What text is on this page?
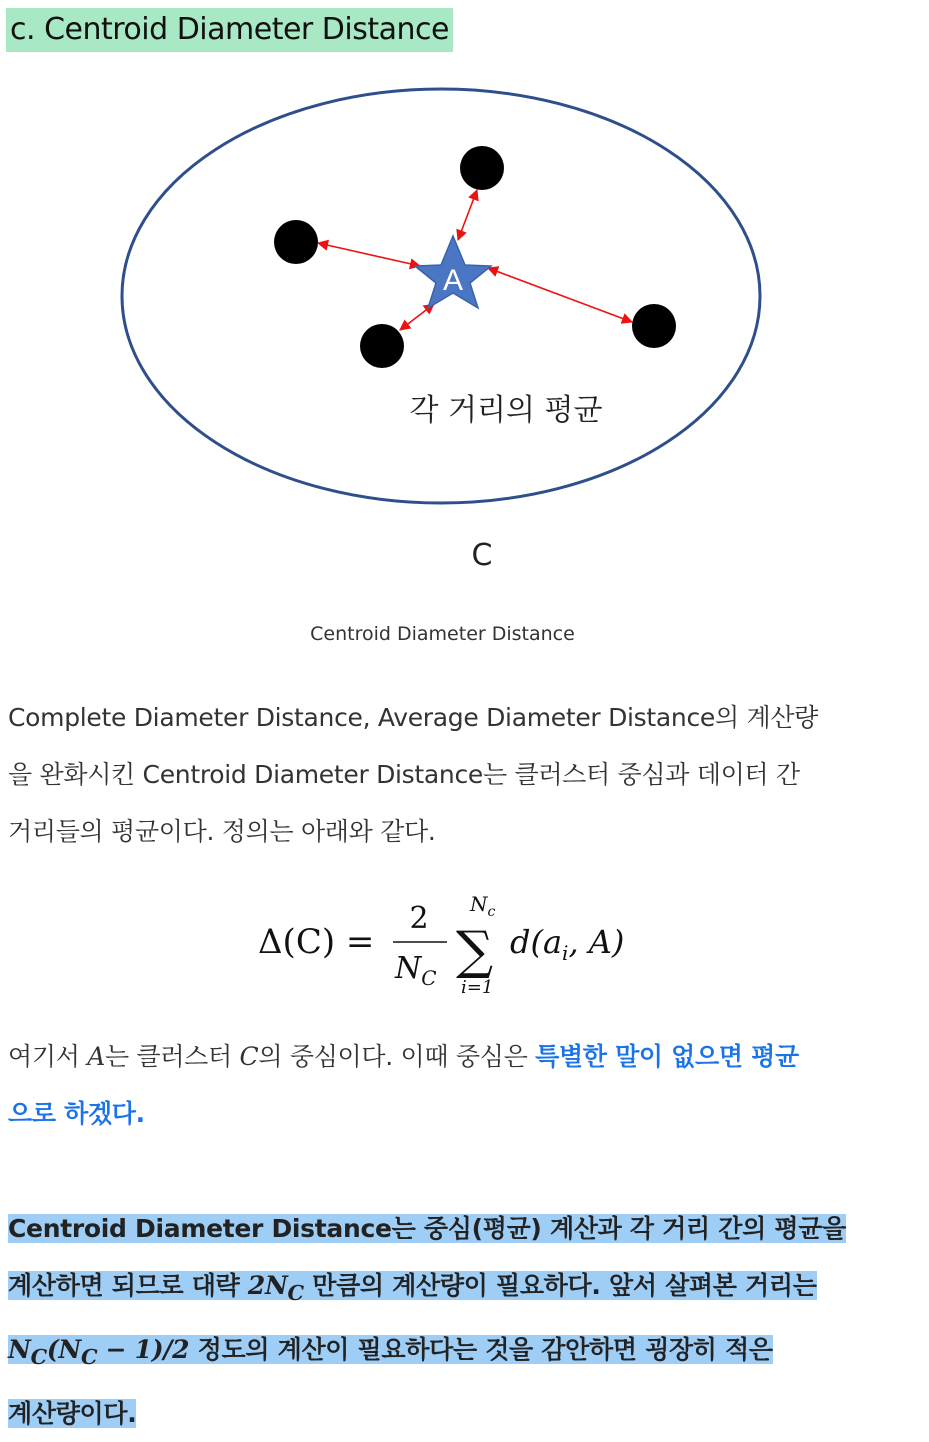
c. Centroid Diameter Distance
A
각 거리의 평균
C
Centroid Diameter Distance

Complete Diameter Distance, Average Diameter Distance의 계산량
을 완화시킨 Centroid Diameter Distance는 클러스터 중심과 데이터 간
거리들의 평균이다. 정의는 아래와 같다.

Δ(C) =
2
$N_C$
$N_c$
∑
i=1
$d(a_i$, A)

여기서 A는 클러스터 C의 중심이다. 이때 중심은 특별한 말이 없으면 평균
으로 하겠다.

Centroid Diameter Distance는 중심(평균) 계산과 각 거리 간의 평균을
계산하면 되므로 대략 $2N_C$ 만큼의 계산량이 필요하다. 앞서 살펴본 거리는
$N_C(N_C - 1)/2$ 정도의 계산이 필요하다는 것을 감안하면 굉장히 적은
계산량이다.
